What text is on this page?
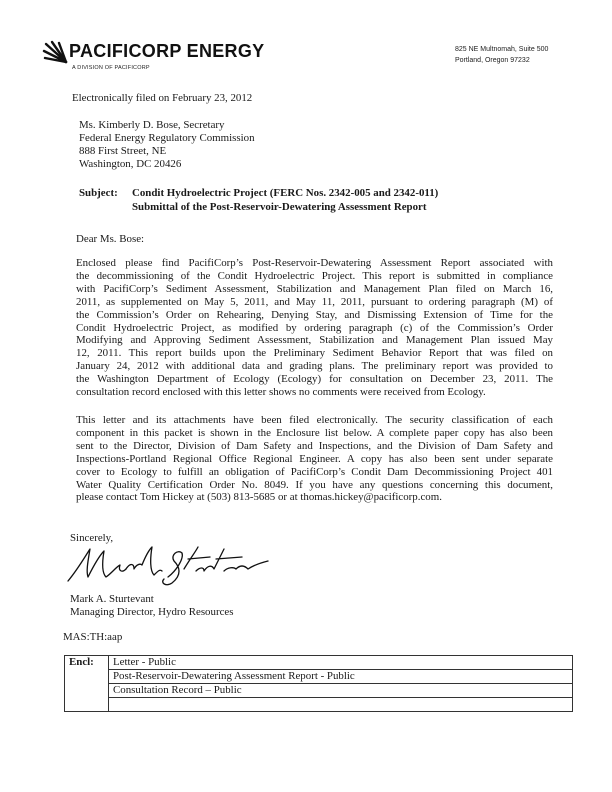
PACIFICORP ENERGY
A DIVISION OF PACIFICORP
825 NE Multnomah, Suite 500
Portland, Oregon 97232
Electronically filed on February 23, 2012
Ms. Kimberly D. Bose, Secretary
Federal Energy Regulatory Commission
888 First Street, NE
Washington, DC 20426
Subject: Condit Hydroelectric Project (FERC Nos. 2342-005 and 2342-011)
Submittal of the Post-Reservoir-Dewatering Assessment Report
Dear Ms. Bose:
Enclosed please find PacifiCorp’s Post-Reservoir-Dewatering Assessment Report associated with
the decommissioning of the Condit Hydroelectric Project. This report is submitted in compliance
with PacifiCorp’s Sediment Assessment, Stabilization and Management Plan filed on March 16,
2011, as supplemented on May 5, 2011, and May 11, 2011, pursuant to ordering paragraph (M) of
the Commission’s Order on Rehearing, Denying Stay, and Dismissing Extension of Time for the
Condit Hydroelectric Project, as modified by ordering paragraph (c) of the Commission’s Order
Modifying and Approving Sediment Assessment, Stabilization and Management Plan issued May
12, 2011. This report builds upon the Preliminary Sediment Behavior Report that was filed on
January 24, 2012 with additional data and grading plans. The preliminary report was provided to
the Washington Department of Ecology (Ecology) for consultation on December 23, 2011. The
consultation record enclosed with this letter shows no comments were received from Ecology.
This letter and its attachments have been filed electronically. The security classification of each
component in this packet is shown in the Enclosure list below. A complete paper copy has also been
sent to the Director, Division of Dam Safety and Inspections, and the Division of Dam Safety and
Inspections-Portland Regional Office Regional Engineer. A copy has also been sent under separate
cover to Ecology to fulfill an obligation of PacifiCorp’s Condit Dam Decommissioning Project 401
Water Quality Certification Order No. 8049. If you have any questions concerning this document,
please contact Tom Hickey at (503) 813-5685 or at thomas.hickey@pacificorp.com.
Sincerely,
Mark A. Sturtevant
Managing Director, Hydro Resources
MAS:TH:aap
Encl:	Letter - Public
	Post-Reservoir-Dewatering Assessment Report - Public
	Consultation Record – Public
